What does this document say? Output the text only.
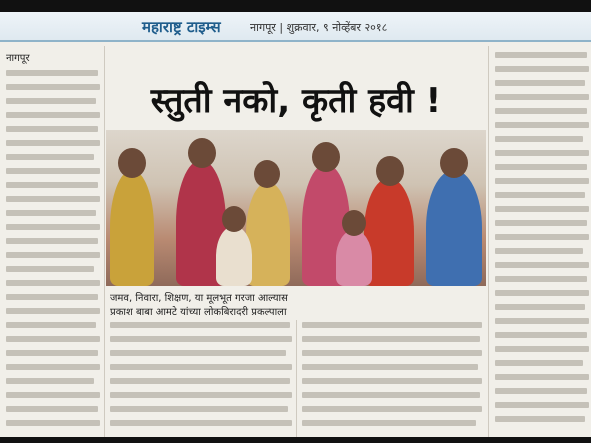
महाराष्ट्र टाइम्स	नागपूर | शुक्रवार, ९ नोव्हेंबर २०१८
नागपूर
स्तुती नको, कृती हवी !
जमव, निवारा, शिक्षण, या मूलभूत गरजा आल्यास
प्रकाश बाबा आमटे यांच्या लोकबिरादरी प्रकल्पाला
